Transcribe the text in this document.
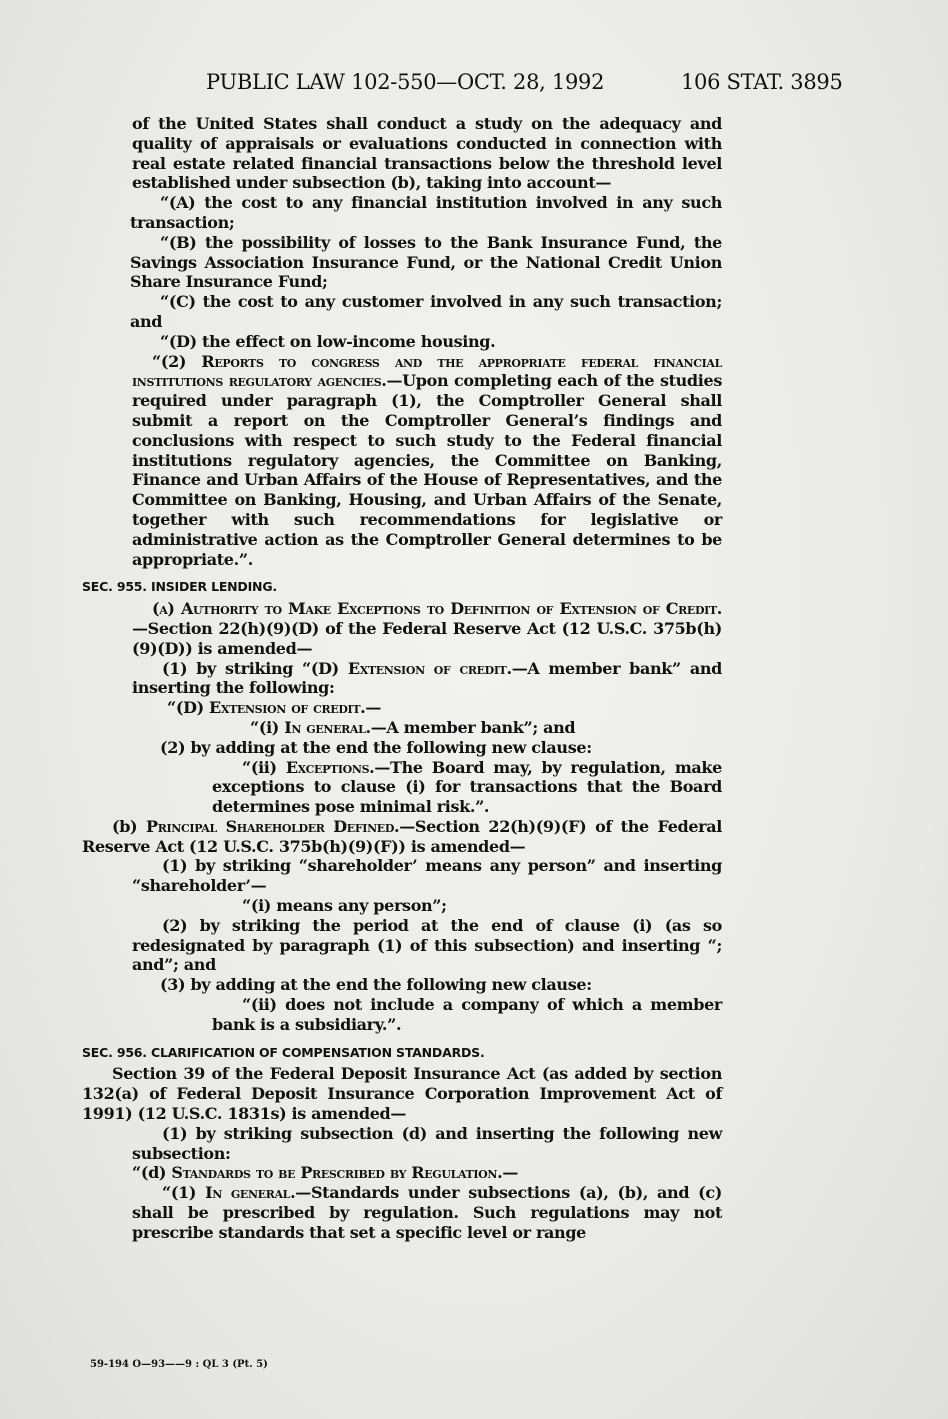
PUBLIC LAW 102-550—OCT. 28, 1992	106 STAT. 3895

of the United States shall conduct a study on the adequacy and quality of appraisals or evaluations conducted in connection with real estate related financial transactions below the threshold level established under subsection (b), taking into account—

“(A) the cost to any financial institution involved in any such transaction;

“(B) the possibility of losses to the Bank Insurance Fund, the Savings Association Insurance Fund, or the National Credit Union Share Insurance Fund;

“(C) the cost to any customer involved in any such transaction; and

“(D) the effect on low-income housing.

“(2) Reports to congress and the appropriate federal financial institutions regulatory agencies.—Upon completing each of the studies required under paragraph (1), the Comptroller General shall submit a report on the Comptroller General’s findings and conclusions with respect to such study to the Federal financial institutions regulatory agencies, the Committee on Banking, Finance and Urban Affairs of the House of Representatives, and the Committee on Banking, Housing, and Urban Affairs of the Senate, together with such recommendations for legislative or administrative action as the Comptroller General determines to be appropriate.”.

SEC. 955. INSIDER LENDING.

(a) Authority to Make Exceptions to Definition of Extension of Credit.—Section 22(h)(9)(D) of the Federal Reserve Act (12 U.S.C. 375b(h)(9)(D)) is amended—

(1) by striking “(D) Extension of credit.—A member bank” and inserting the following:

“(D) Extension of credit.—

“(i) In general.—A member bank”; and

(2) by adding at the end the following new clause:

“(ii) Exceptions.—The Board may, by regulation, make exceptions to clause (i) for transactions that the Board determines pose minimal risk.”.

(b) Principal Shareholder Defined.—Section 22(h)(9)(F) of the Federal Reserve Act (12 U.S.C. 375b(h)(9)(F)) is amended—

(1) by striking “shareholder’ means any person” and inserting “shareholder’—

“(i) means any person”;

(2) by striking the period at the end of clause (i) (as so redesignated by paragraph (1) of this subsection) and inserting “; and”; and

(3) by adding at the end the following new clause:

“(ii) does not include a company of which a member bank is a subsidiary.”.

SEC. 956. CLARIFICATION OF COMPENSATION STANDARDS.

Section 39 of the Federal Deposit Insurance Act (as added by section 132(a) of Federal Deposit Insurance Corporation Improvement Act of 1991) (12 U.S.C. 1831s) is amended—

(1) by striking subsection (d) and inserting the following new subsection:

“(d) Standards to be Prescribed by Regulation.—

“(1) In general.—Standards under subsections (a), (b), and (c) shall be prescribed by regulation. Such regulations may not prescribe standards that set a specific level or range

59-194 O—93——9 : QL 3 (Pt. 5)
